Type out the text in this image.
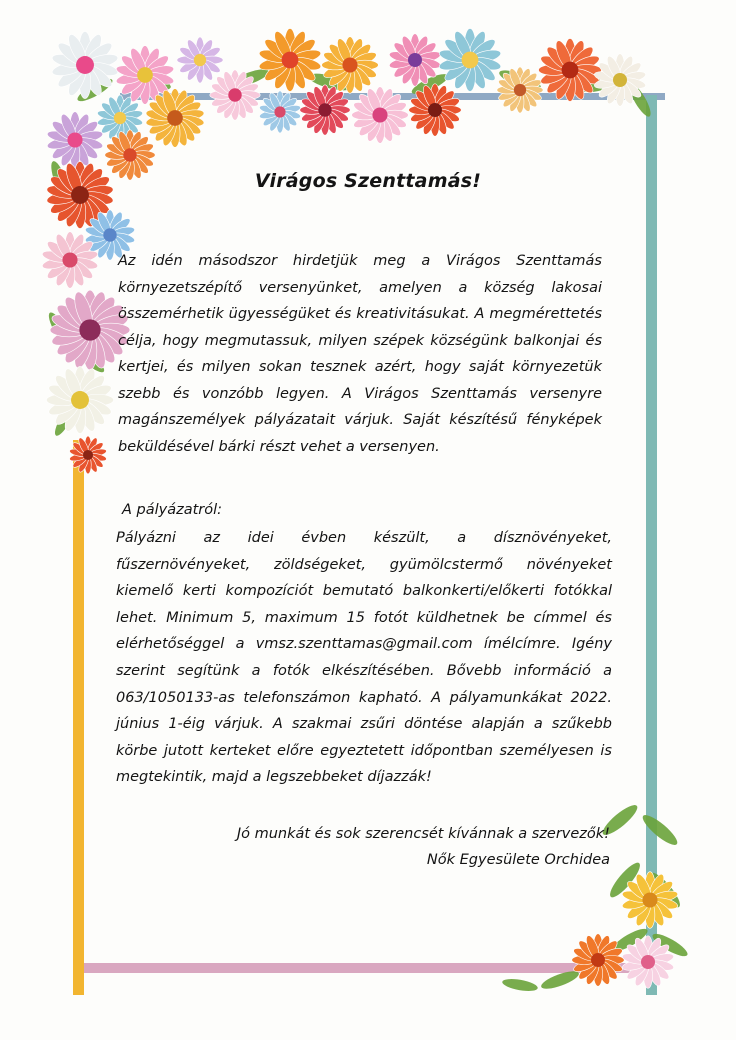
Virágos Szenttamás!
Az idén másodszor hirdetjük meg a Virágos Szenttamás környezetszépítő versenyünket, amelyen a község lakosai összemérhetik ügyességüket és kreativitásukat. A megmérettetés célja, hogy megmutassuk, milyen szépek községünk balkonjai és kertjei, és milyen sokan tesznek azért, hogy saját környezetük szebb és vonzóbb legyen. A Virágos Szenttamás versenyre magánszemélyek pályázatait várjuk. Saját készítésű fényképek beküldésével bárki részt vehet a versenyen.
A pályázatról:
Pályázni az idei évben készült, a dísznövényeket, fűszernövényeket, zöldségeket, gyümölcstermő növényeket kiemelő kerti kompozíciót bemutató balkonkerti/előkerti fotókkal lehet. Minimum 5, maximum 15 fotót küldhetnek be címmel és elérhetőséggel a vmsz.szenttamas@gmail.com ímélcímre. Igény szerint segítünk a fotók elkészítésében. Bővebb információ a 063/1050133-as telefonszámon kapható. A pályamunkákat 2022. június 1-éig várjuk. A szakmai zsűri döntése alapján a szűkebb körbe jutott kerteket előre egyeztetett időpontban személyesen is megtekintik, majd a legszebbeket díjazzák!
Jó munkát és sok szerencsét kívánnak a szervezők!
Nők Egyesülete Orchidea
